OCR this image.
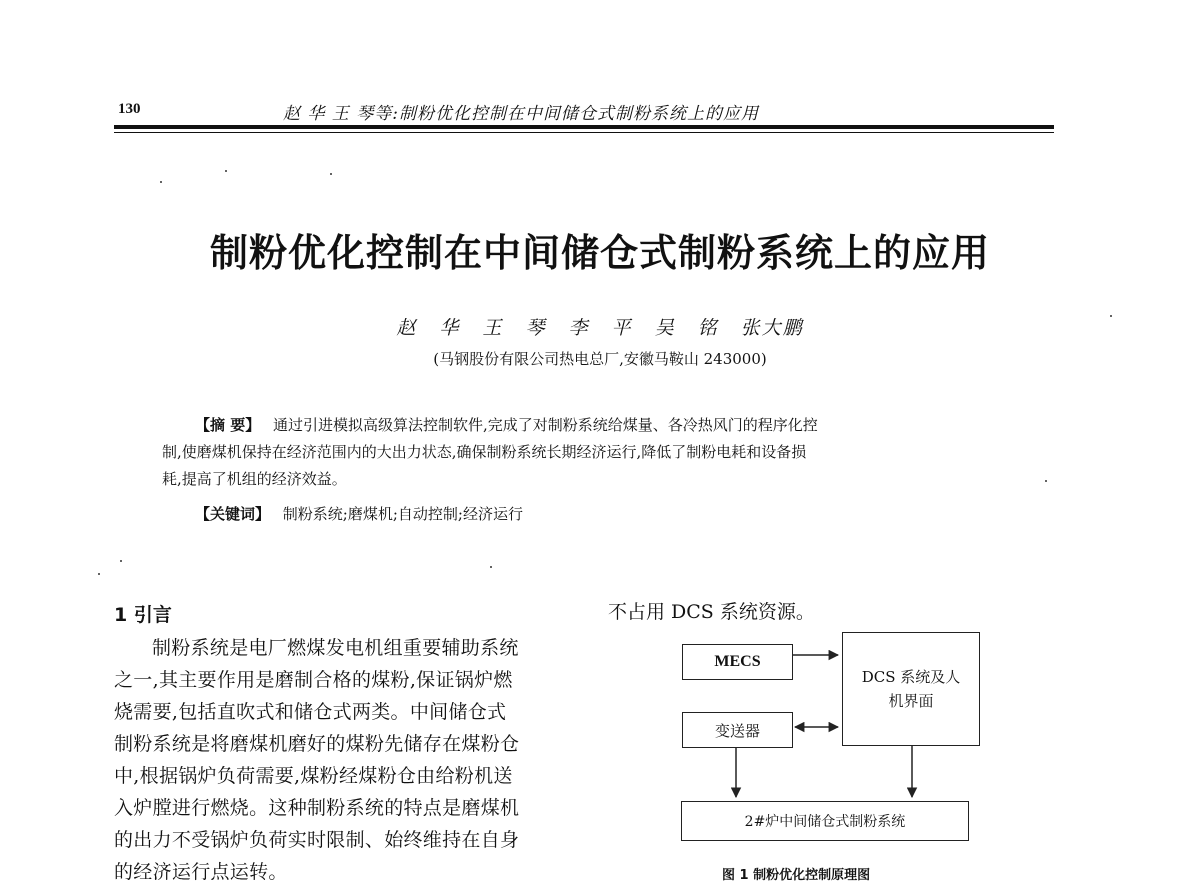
130	赵 华 王 琴等:制粉优化控制在中间储仓式制粉系统上的应用
制粉优化控制在中间储仓式制粉系统上的应用
赵 华 王 琴 李 平 吴 铭 张大鹏
(马钢股份有限公司热电总厂,安徽马鞍山 243000)
【摘 要】 通过引进模拟高级算法控制软件,完成了对制粉系统给煤量、各冷热风门的程序化控
制,使磨煤机保持在经济范围内的大出力状态,确保制粉系统长期经济运行,降低了制粉电耗和设备损
耗,提高了机组的经济效益。
【关键词】 制粉系统;磨煤机;自动控制;经济运行
1 引言
制粉系统是电厂燃煤发电机组重要辅助系统
之一,其主要作用是磨制合格的煤粉,保证锅炉燃
烧需要,包括直吹式和储仓式两类。中间储仓式
制粉系统是将磨煤机磨好的煤粉先储存在煤粉仓
中,根据锅炉负荷需要,煤粉经煤粉仓由给粉机送
入炉膛进行燃烧。这种制粉系统的特点是磨煤机
的出力不受锅炉负荷实时限制、始终维持在自身
的经济运行点运转。
不占用 DCS 系统资源。
MECS
变送器
DCS 系统及人
机界面
2#炉中间储仓式制粉系统
图 1 制粉优化控制原理图
